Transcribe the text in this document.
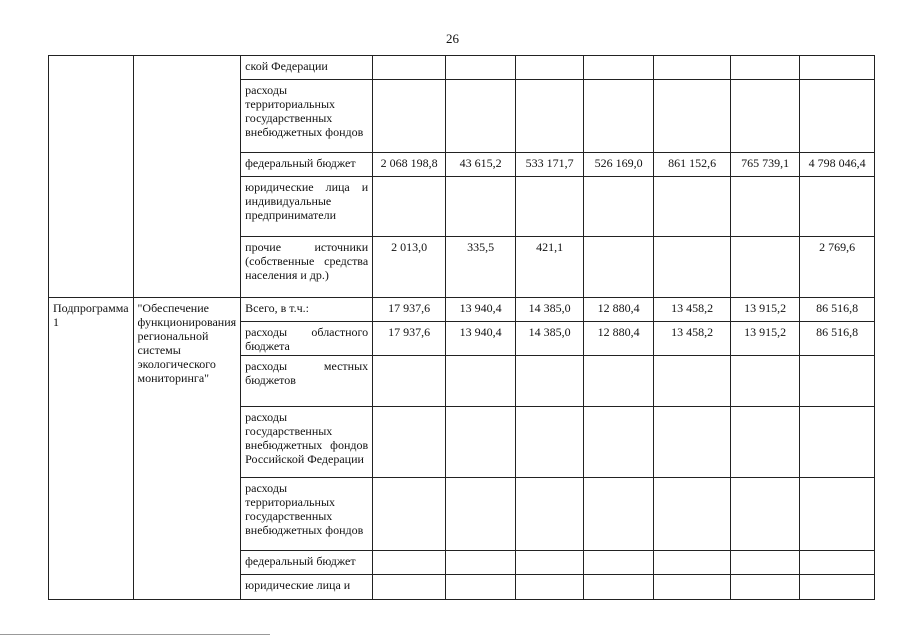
26
		ской Федерации							
		расходы территориальных государственных внебюджетных фондов							
		федеральный бюджет	2 068 198,8	43 615,2	533 171,7	526 169,0	861 152,6	765 739,1	4 798 046,4
		юридические лица и индивидуальные предприниматели							
		прочие источники (собственные средства населения и др.)	2 013,0	335,5	421,1				2 769,6
Подпрограмма 1	"Обеспечение функционирования региональной системы экологического мониторинга"	Всего, в т.ч.:	17 937,6	13 940,4	14 385,0	12 880,4	13 458,2	13 915,2	86 516,8
		расходы областного бюджета	17 937,6	13 940,4	14 385,0	12 880,4	13 458,2	13 915,2	86 516,8
		расходы местных бюджетов							
		расходы государственных внебюджетных фондов Российской Федерации							
		расходы территориальных государственных внебюджетных фондов							
		федеральный бюджет							
		юридические лица и							
